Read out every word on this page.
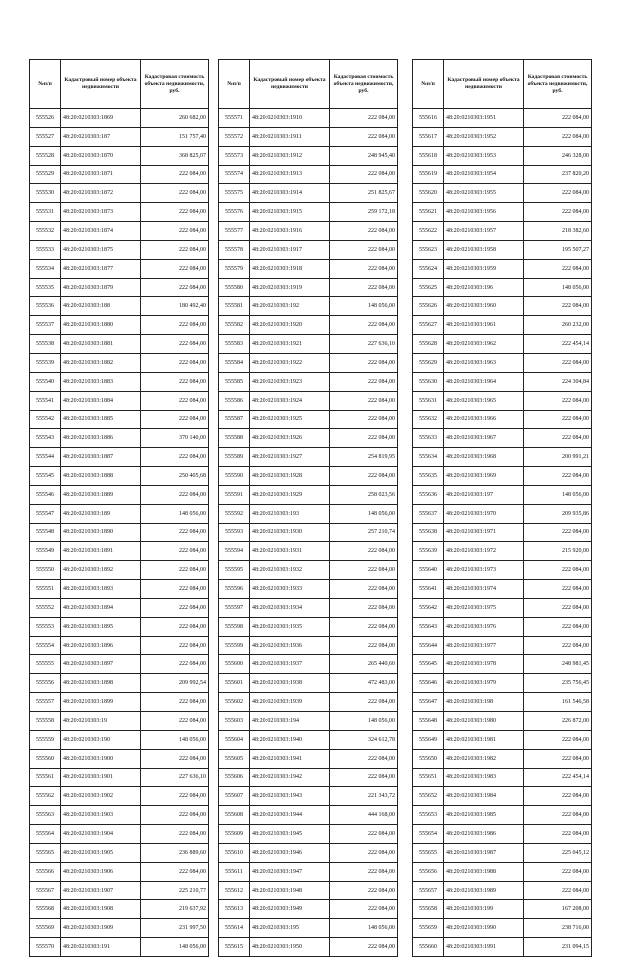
№п/п	Кадастровый номер объекта недвижимости	Кадастровая стоимость объекта недвижимости, руб.
555526	48:20:0210303:1869	260 682,00
555527	48:20:0210303:187	151 757,40
555528	48:20:0210303:1870	368 825,07
555529	48:20:0210303:1871	222 084,00
555530	48:20:0210303:1872	222 084,00
555531	48:20:0210303:1873	222 084,00
555532	48:20:0210303:1874	222 084,00
555533	48:20:0210303:1875	222 084,00
555534	48:20:0210303:1877	222 084,00
555535	48:20:0210303:1879	222 084,00
555536	48:20:0210303:188	180 492,40
555537	48:20:0210303:1880	222 084,00
555538	48:20:0210303:1881	222 084,00
555539	48:20:0210303:1882	222 084,00
555540	48:20:0210303:1883	222 084,00
555541	48:20:0210303:1884	222 084,00
555542	48:20:0210303:1885	222 084,00
555543	48:20:0210303:1886	370 140,00
555544	48:20:0210303:1887	222 084,00
555545	48:20:0210303:1888	250 405,68
555546	48:20:0210303:1889	222 084,00
555547	48:20:0210303:189	148 056,00
555548	48:20:0210303:1890	222 084,00
555549	48:20:0210303:1891	222 084,00
555550	48:20:0210303:1892	222 084,00
555551	48:20:0210303:1893	222 084,00
555552	48:20:0210303:1894	222 084,00
555553	48:20:0210303:1895	222 084,00
555554	48:20:0210303:1896	222 084,00
555555	48:20:0210303:1897	222 084,00
555556	48:20:0210303:1898	209 992,54
555557	48:20:0210303:1899	222 084,00
555558	48:20:0210303:19	222 084,00
555559	48:20:0210303:190	148 056,00
555560	48:20:0210303:1900	222 084,00
555561	48:20:0210303:1901	227 636,10
555562	48:20:0210303:1902	222 084,00
555563	48:20:0210303:1903	222 084,00
555564	48:20:0210303:1904	222 084,00
555565	48:20:0210303:1905	236 889,60
555566	48:20:0210303:1906	222 084,00
555567	48:20:0210303:1907	225 210,77
555568	48:20:0210303:1908	219 637,92
555569	48:20:0210303:1909	231 997,50
555570	48:20:0210303:191	148 056,00
№п/п	Кадастровый номер объекта недвижимости	Кадастровая стоимость объекта недвижимости, руб.
555571	48:20:0210303:1910	222 084,00
555572	48:20:0210303:1911	222 084,00
555573	48:20:0210303:1912	248 945,40
555574	48:20:0210303:1913	222 084,00
555575	48:20:0210303:1914	251 825,67
555576	48:20:0210303:1915	259 172,18
555577	48:20:0210303:1916	222 084,00
555578	48:20:0210303:1917	222 084,00
555579	48:20:0210303:1918	222 084,00
555580	48:20:0210303:1919	222 084,00
555581	48:20:0210303:192	148 056,00
555582	48:20:0210303:1920	222 084,00
555583	48:20:0210303:1921	227 636,10
555584	48:20:0210303:1922	222 084,00
555585	48:20:0210303:1923	222 084,00
555586	48:20:0210303:1924	222 084,00
555587	48:20:0210303:1925	222 084,00
555588	48:20:0210303:1926	222 084,00
555589	48:20:0210303:1927	254 819,95
555590	48:20:0210303:1928	222 084,00
555591	48:20:0210303:1929	258 023,56
555592	48:20:0210303:193	148 056,00
555593	48:20:0210303:1930	257 210,74
555594	48:20:0210303:1931	222 084,00
555595	48:20:0210303:1932	222 084,00
555596	48:20:0210303:1933	222 084,00
555597	48:20:0210303:1934	222 084,00
555598	48:20:0210303:1935	222 084,00
555599	48:20:0210303:1936	222 084,00
555600	48:20:0210303:1937	265 440,60
555601	48:20:0210303:1938	472 483,00
555602	48:20:0210303:1939	222 084,00
555603	48:20:0210303:194	148 056,00
555604	48:20:0210303:1940	324 612,78
555605	48:20:0210303:1941	222 084,00
555606	48:20:0210303:1942	222 084,00
555607	48:20:0210303:1943	221 343,72
555608	48:20:0210303:1944	444 168,00
555609	48:20:0210303:1945	222 084,00
555610	48:20:0210303:1946	222 084,00
555611	48:20:0210303:1947	222 084,00
555612	48:20:0210303:1948	222 084,00
555613	48:20:0210303:1949	222 084,00
555614	48:20:0210303:195	148 056,00
555615	48:20:0210303:1950	222 084,00
№п/п	Кадастровый номер объекта недвижимости	Кадастровая стоимость объекта недвижимости, руб.
555616	48:20:0210303:1951	222 084,00
555617	48:20:0210303:1952	222 084,00
555618	48:20:0210303:1953	246 328,00
555619	48:20:0210303:1954	237 820,20
555620	48:20:0210303:1955	222 084,00
555621	48:20:0210303:1956	222 084,00
555622	48:20:0210303:1957	218 382,60
555623	48:20:0210303:1958	195 507,27
555624	48:20:0210303:1959	222 084,00
555625	48:20:0210303:196	148 056,00
555626	48:20:0210303:1960	222 084,00
555627	48:20:0210303:1961	260 232,00
555628	48:20:0210303:1962	222 454,14
555629	48:20:0210303:1963	222 084,00
555630	48:20:0210303:1964	224 304,84
555631	48:20:0210303:1965	222 084,00
555632	48:20:0210303:1966	222 084,00
555633	48:20:0210303:1967	222 084,00
555634	48:20:0210303:1968	200 991,21
555635	48:20:0210303:1969	222 084,00
555636	48:20:0210303:197	148 056,00
555637	48:20:0210303:1970	209 935,86
555638	48:20:0210303:1971	222 084,00
555639	48:20:0210303:1972	215 920,00
555640	48:20:0210303:1973	222 084,00
555641	48:20:0210303:1974	222 084,00
555642	48:20:0210303:1975	222 084,00
555643	48:20:0210303:1976	222 084,00
555644	48:20:0210303:1977	222 084,00
555645	48:20:0210303:1978	248 981,45
555646	48:20:0210303:1979	235 756,45
555647	48:20:0210303:198	161 546,58
555648	48:20:0210303:1980	226 872,00
555649	48:20:0210303:1981	222 084,00
555650	48:20:0210303:1982	222 084,00
555651	48:20:0210303:1983	222 454,14
555652	48:20:0210303:1984	222 084,00
555653	48:20:0210303:1985	222 084,00
555654	48:20:0210303:1986	222 084,00
555655	48:20:0210303:1987	225 045,12
555656	48:20:0210303:1988	222 084,00
555657	48:20:0210303:1989	222 084,00
555658	48:20:0210303:199	167 208,00
555659	48:20:0210303:1990	238 716,00
555660	48:20:0210303:1991	231 094,15
